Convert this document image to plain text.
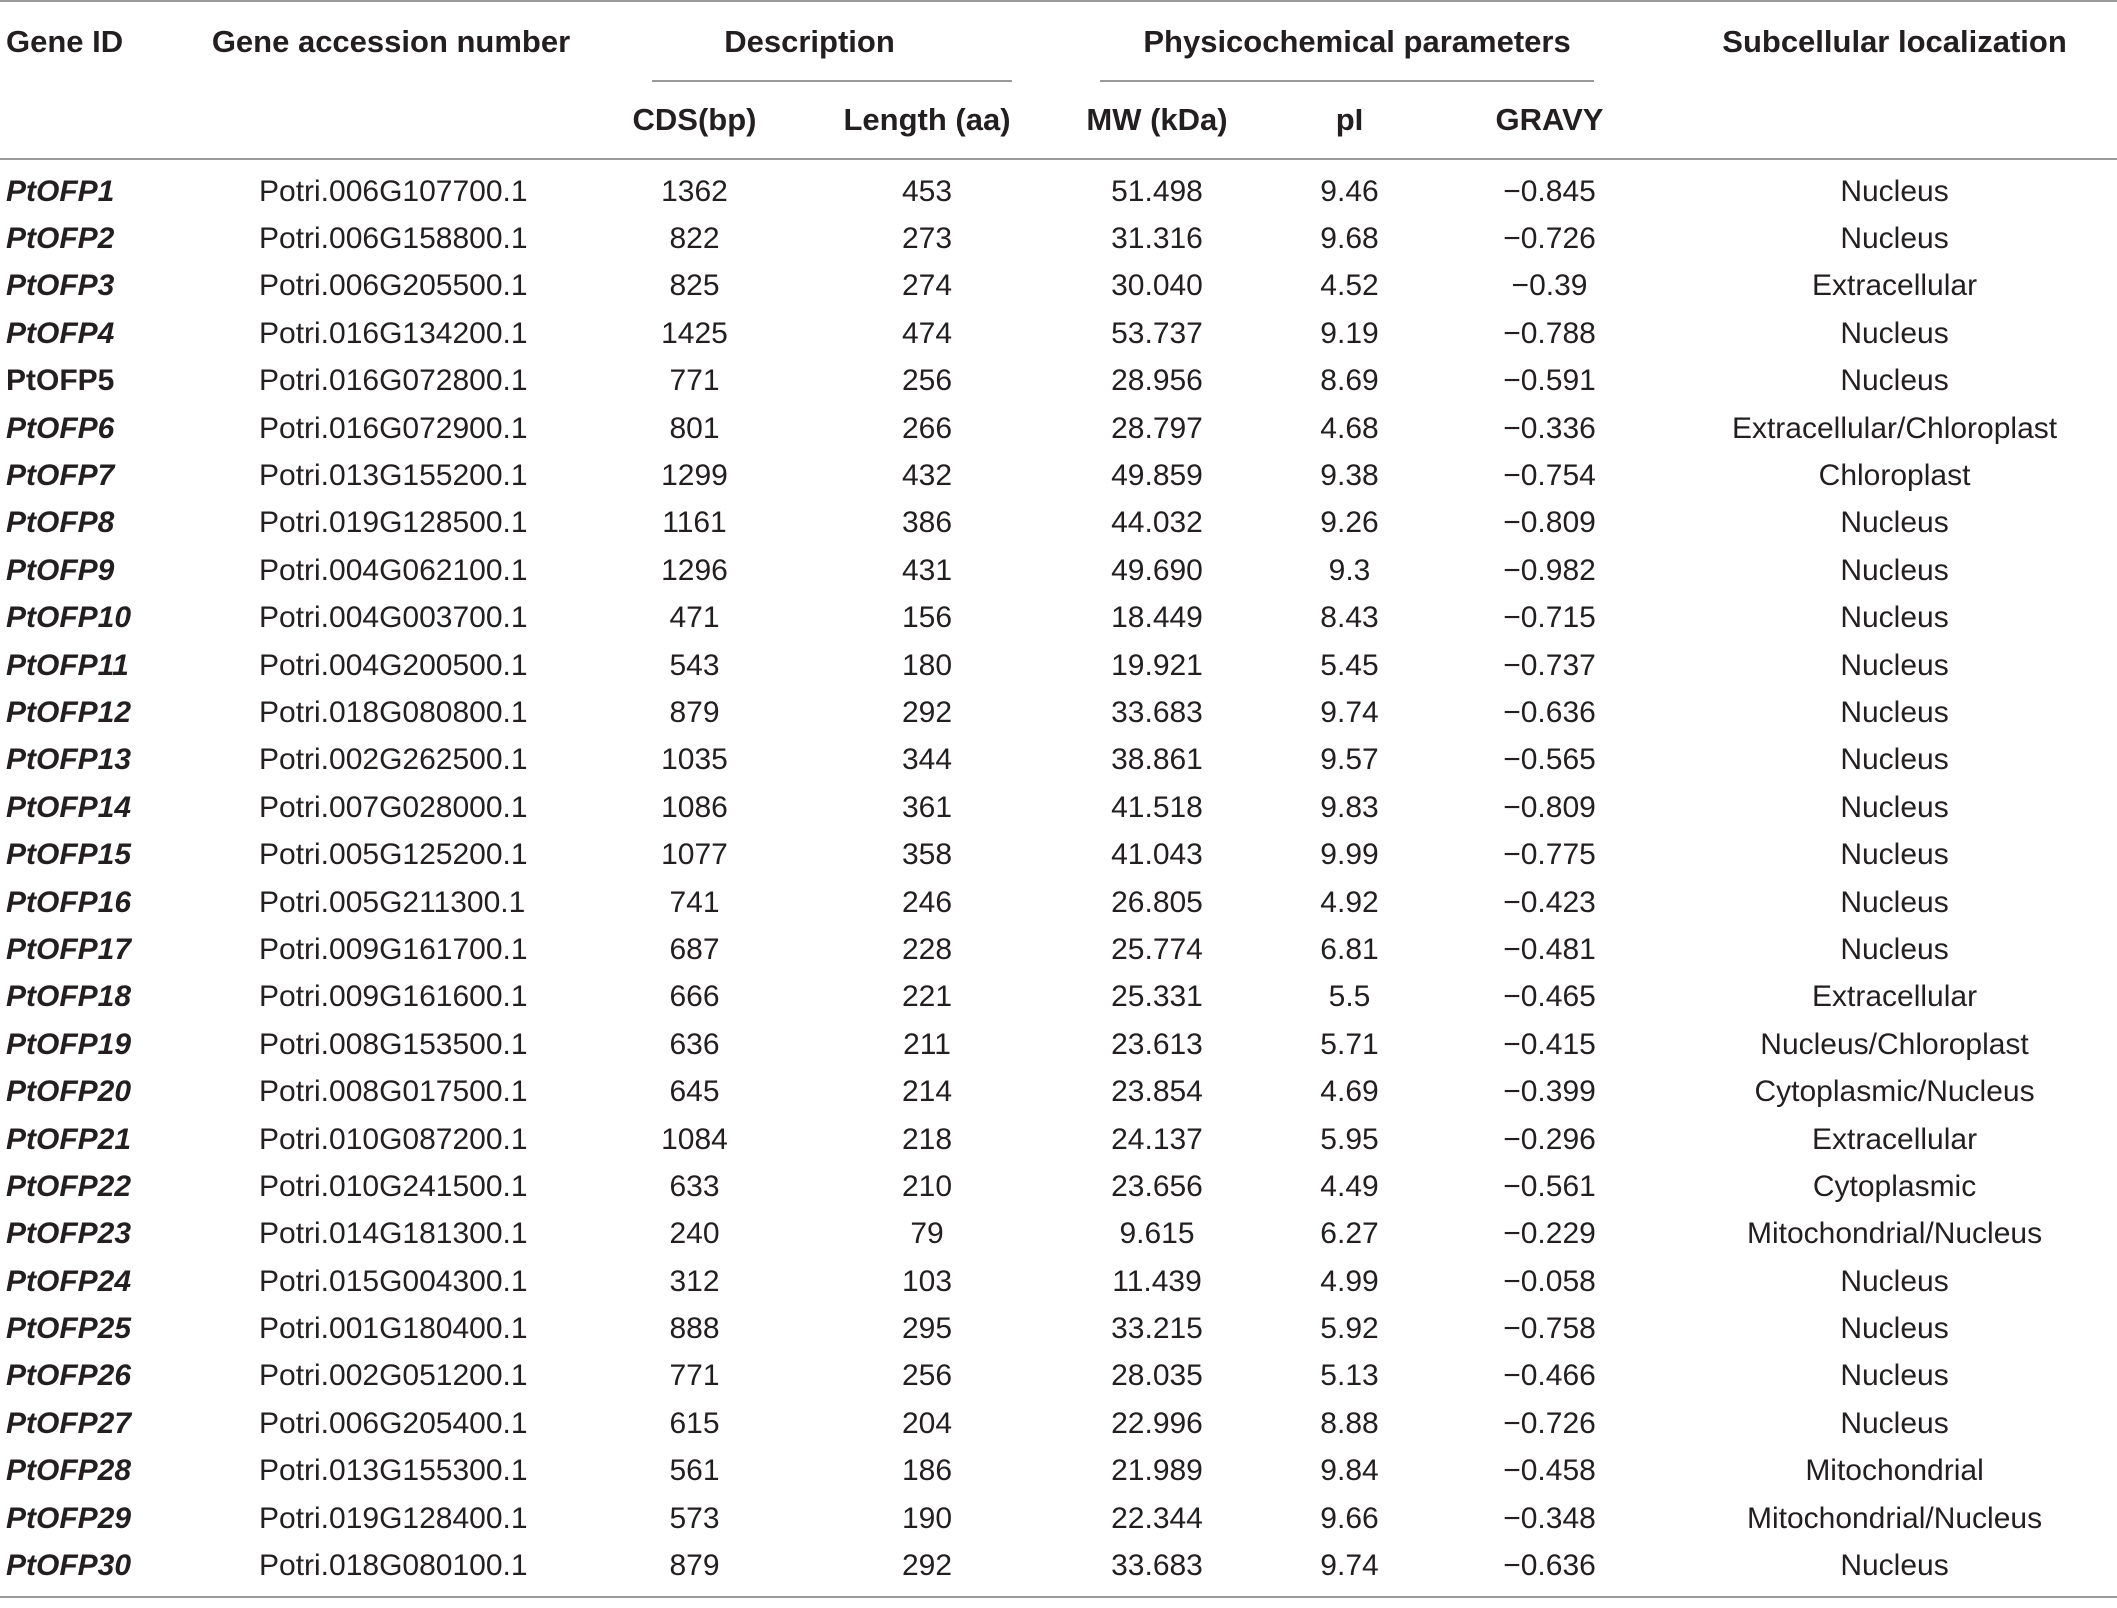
Gene ID	Gene accession number	Description		Physicochemical parameters			Subcellular localization
		CDS(bp)	Length (aa)	MW (kDa)	pI	GRAVY	
PtOFP1	Potri.006G107700.1	1362	453	51.498	9.46	−0.845	Nucleus
PtOFP2	Potri.006G158800.1	822	273	31.316	9.68	−0.726	Nucleus
PtOFP3	Potri.006G205500.1	825	274	30.040	4.52	−0.39	Extracellular
PtOFP4	Potri.016G134200.1	1425	474	53.737	9.19	−0.788	Nucleus
PtOFP5	Potri.016G072800.1	771	256	28.956	8.69	−0.591	Nucleus
PtOFP6	Potri.016G072900.1	801	266	28.797	4.68	−0.336	Extracellular/Chloroplast
PtOFP7	Potri.013G155200.1	1299	432	49.859	9.38	−0.754	Chloroplast
PtOFP8	Potri.019G128500.1	1161	386	44.032	9.26	−0.809	Nucleus
PtOFP9	Potri.004G062100.1	1296	431	49.690	9.3	−0.982	Nucleus
PtOFP10	Potri.004G003700.1	471	156	18.449	8.43	−0.715	Nucleus
PtOFP11	Potri.004G200500.1	543	180	19.921	5.45	−0.737	Nucleus
PtOFP12	Potri.018G080800.1	879	292	33.683	9.74	−0.636	Nucleus
PtOFP13	Potri.002G262500.1	1035	344	38.861	9.57	−0.565	Nucleus
PtOFP14	Potri.007G028000.1	1086	361	41.518	9.83	−0.809	Nucleus
PtOFP15	Potri.005G125200.1	1077	358	41.043	9.99	−0.775	Nucleus
PtOFP16	Potri.005G211300.1	741	246	26.805	4.92	−0.423	Nucleus
PtOFP17	Potri.009G161700.1	687	228	25.774	6.81	−0.481	Nucleus
PtOFP18	Potri.009G161600.1	666	221	25.331	5.5	−0.465	Extracellular
PtOFP19	Potri.008G153500.1	636	211	23.613	5.71	−0.415	Nucleus/Chloroplast
PtOFP20	Potri.008G017500.1	645	214	23.854	4.69	−0.399	Cytoplasmic/Nucleus
PtOFP21	Potri.010G087200.1	1084	218	24.137	5.95	−0.296	Extracellular
PtOFP22	Potri.010G241500.1	633	210	23.656	4.49	−0.561	Cytoplasmic
PtOFP23	Potri.014G181300.1	240	79	9.615	6.27	−0.229	Mitochondrial/Nucleus
PtOFP24	Potri.015G004300.1	312	103	11.439	4.99	−0.058	Nucleus
PtOFP25	Potri.001G180400.1	888	295	33.215	5.92	−0.758	Nucleus
PtOFP26	Potri.002G051200.1	771	256	28.035	5.13	−0.466	Nucleus
PtOFP27	Potri.006G205400.1	615	204	22.996	8.88	−0.726	Nucleus
PtOFP28	Potri.013G155300.1	561	186	21.989	9.84	−0.458	Mitochondrial
PtOFP29	Potri.019G128400.1	573	190	22.344	9.66	−0.348	Mitochondrial/Nucleus
PtOFP30	Potri.018G080100.1	879	292	33.683	9.74	−0.636	Nucleus
